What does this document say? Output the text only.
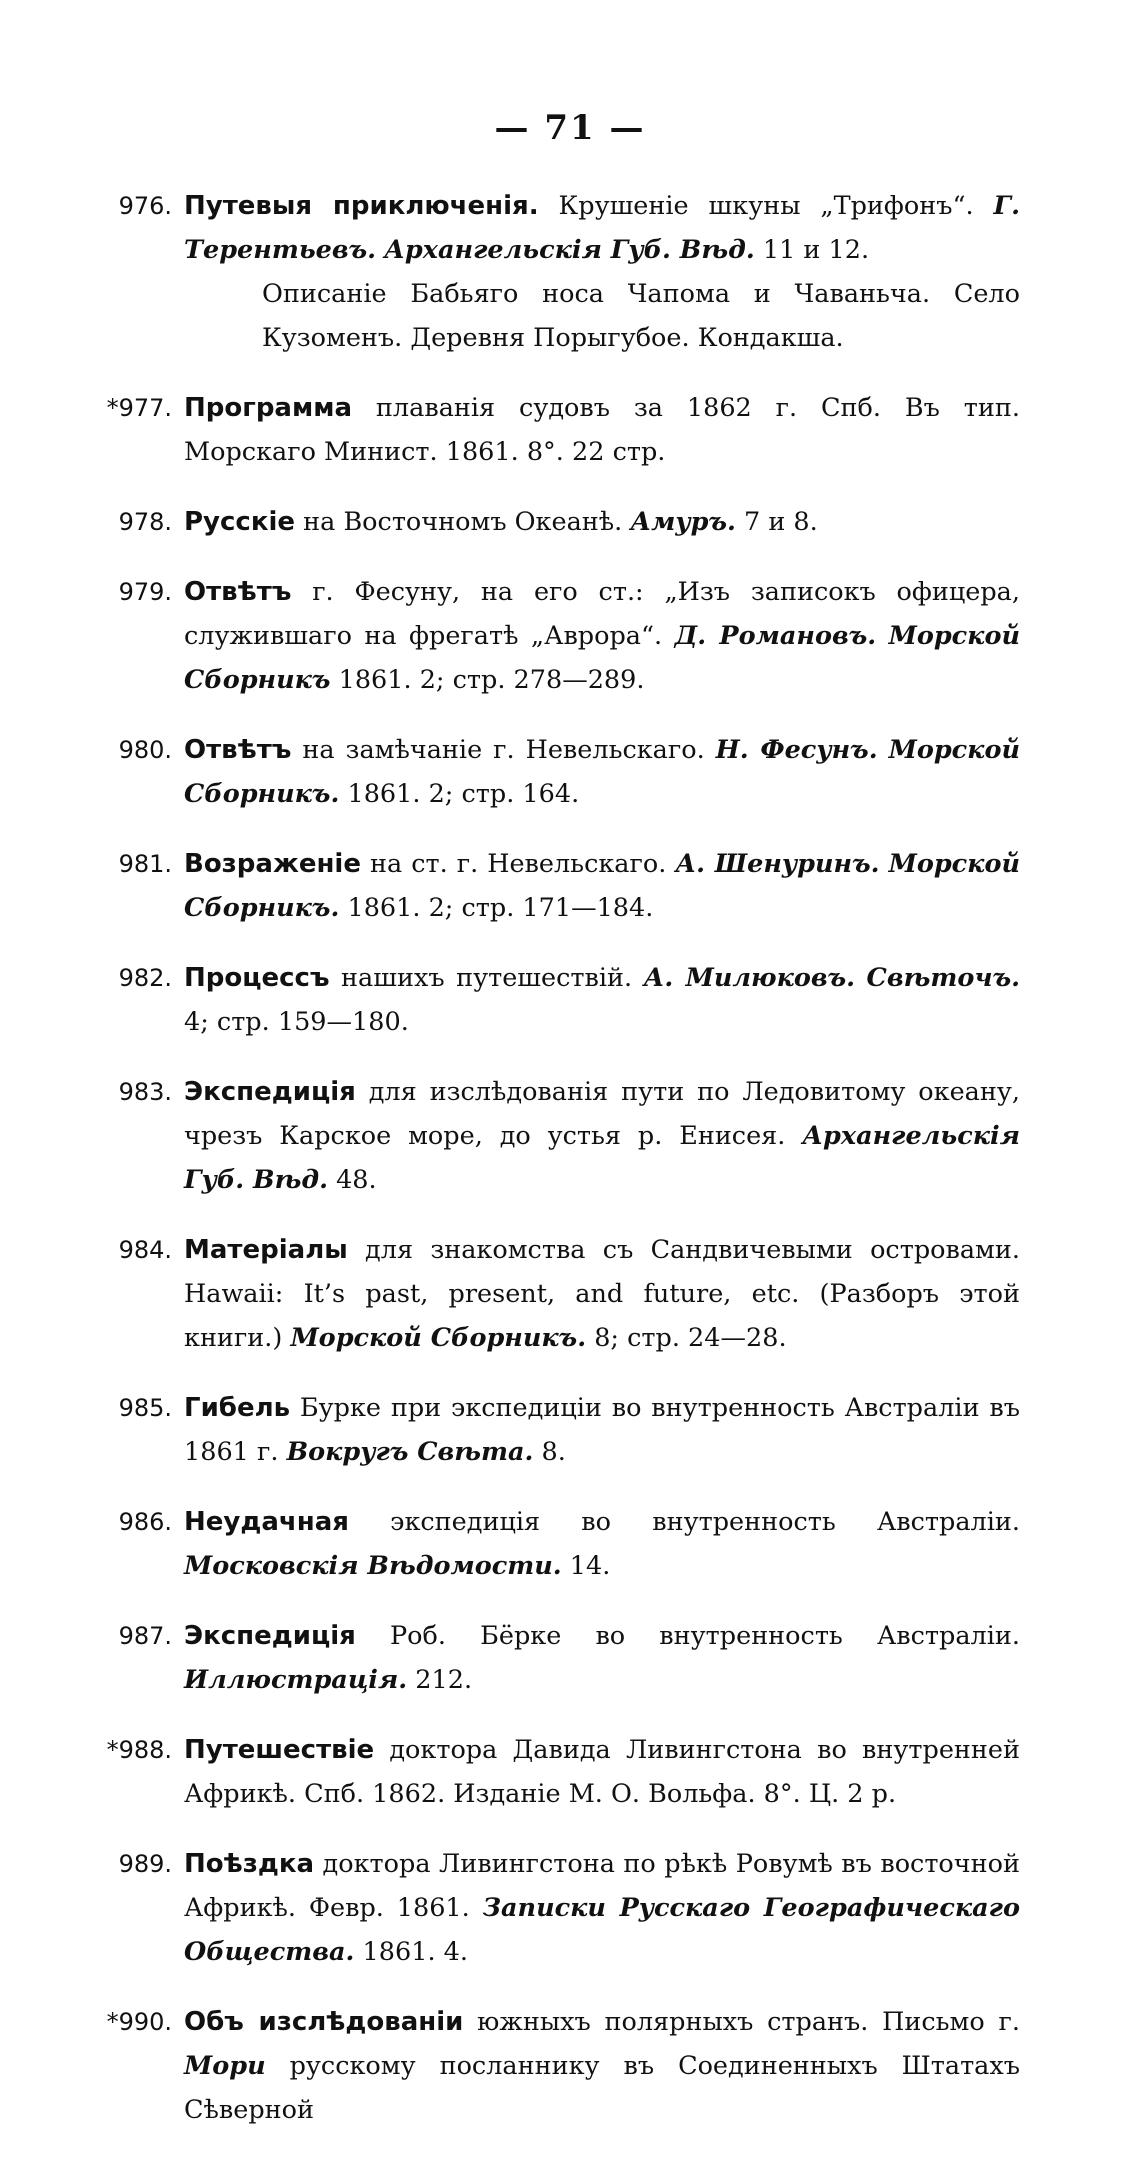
— 71 —
976. Путевыя приключенія. Крушеніе шкуны „Трифонъ“. Г. Терентьевъ. Архангельскія Губ. Вѣд. 11 и 12.
Описаніе Бабьяго носа Чапома и Чаваньча. Село Кузоменъ. Деревня Порыгубое. Кондакша.
*977. Программа плаванія судовъ за 1862 г. Спб. Въ тип. Морскаго Минист. 1861. 8°. 22 стр.
978. Русскіе на Восточномъ Океанѣ. Амуръ. 7 и 8.
979. Отвѣтъ г. Фесуну, на его ст.: „Изъ записокъ офицера, служившаго на фрегатѣ „Аврора“. Д. Романовъ. Морской Сборникъ 1861. 2; стр. 278—289.
980. Отвѣтъ на замѣчаніе г. Невельскаго. Н. Фесунъ. Морской Сборникъ. 1861. 2; стр. 164.
981. Возраженіе на ст. г. Невельскаго. А. Шенуринъ. Морской Сборникъ. 1861. 2; стр. 171—184.
982. Процессъ нашихъ путешествій. А. Милюковъ. Свѣточъ. 4; стр. 159—180.
983. Экспедиція для изслѣдованія пути по Ледовитому океану, чрезъ Карское море, до устья р. Енисея. Архангельскія Губ. Вѣд. 48.
984. Матеріалы для знакомства съ Сандвичевыми островами. Hawaii: It’s past, present, and future, etc. (Разборъ этой книги.) Морской Сборникъ. 8; стр. 24—28.
985. Гибель Бурке при экспедиціи во внутренность Австраліи въ 1861 г. Вокругъ Свѣта. 8.
986. Неудачная экспедиція во внутренность Австраліи. Московскія Вѣдомости. 14.
987. Экспедиція Роб. Бёрке во внутренность Австраліи. Иллюстрація. 212.
*988. Путешествіе доктора Давида Ливингстона во внутренней Африкѣ. Спб. 1862. Изданіе М. О. Вольфа. 8°. Ц. 2 р.
989. Поѣздка доктора Ливингстона по рѣкѣ Ровумѣ въ восточной Африкѣ. Февр. 1861. Записки Русскаго Географическаго Общества. 1861. 4.
*990. Объ изслѣдованіи южныхъ полярныхъ странъ. Письмо г. Мори русскому посланнику въ Соединенныхъ Штатахъ Сѣверной
